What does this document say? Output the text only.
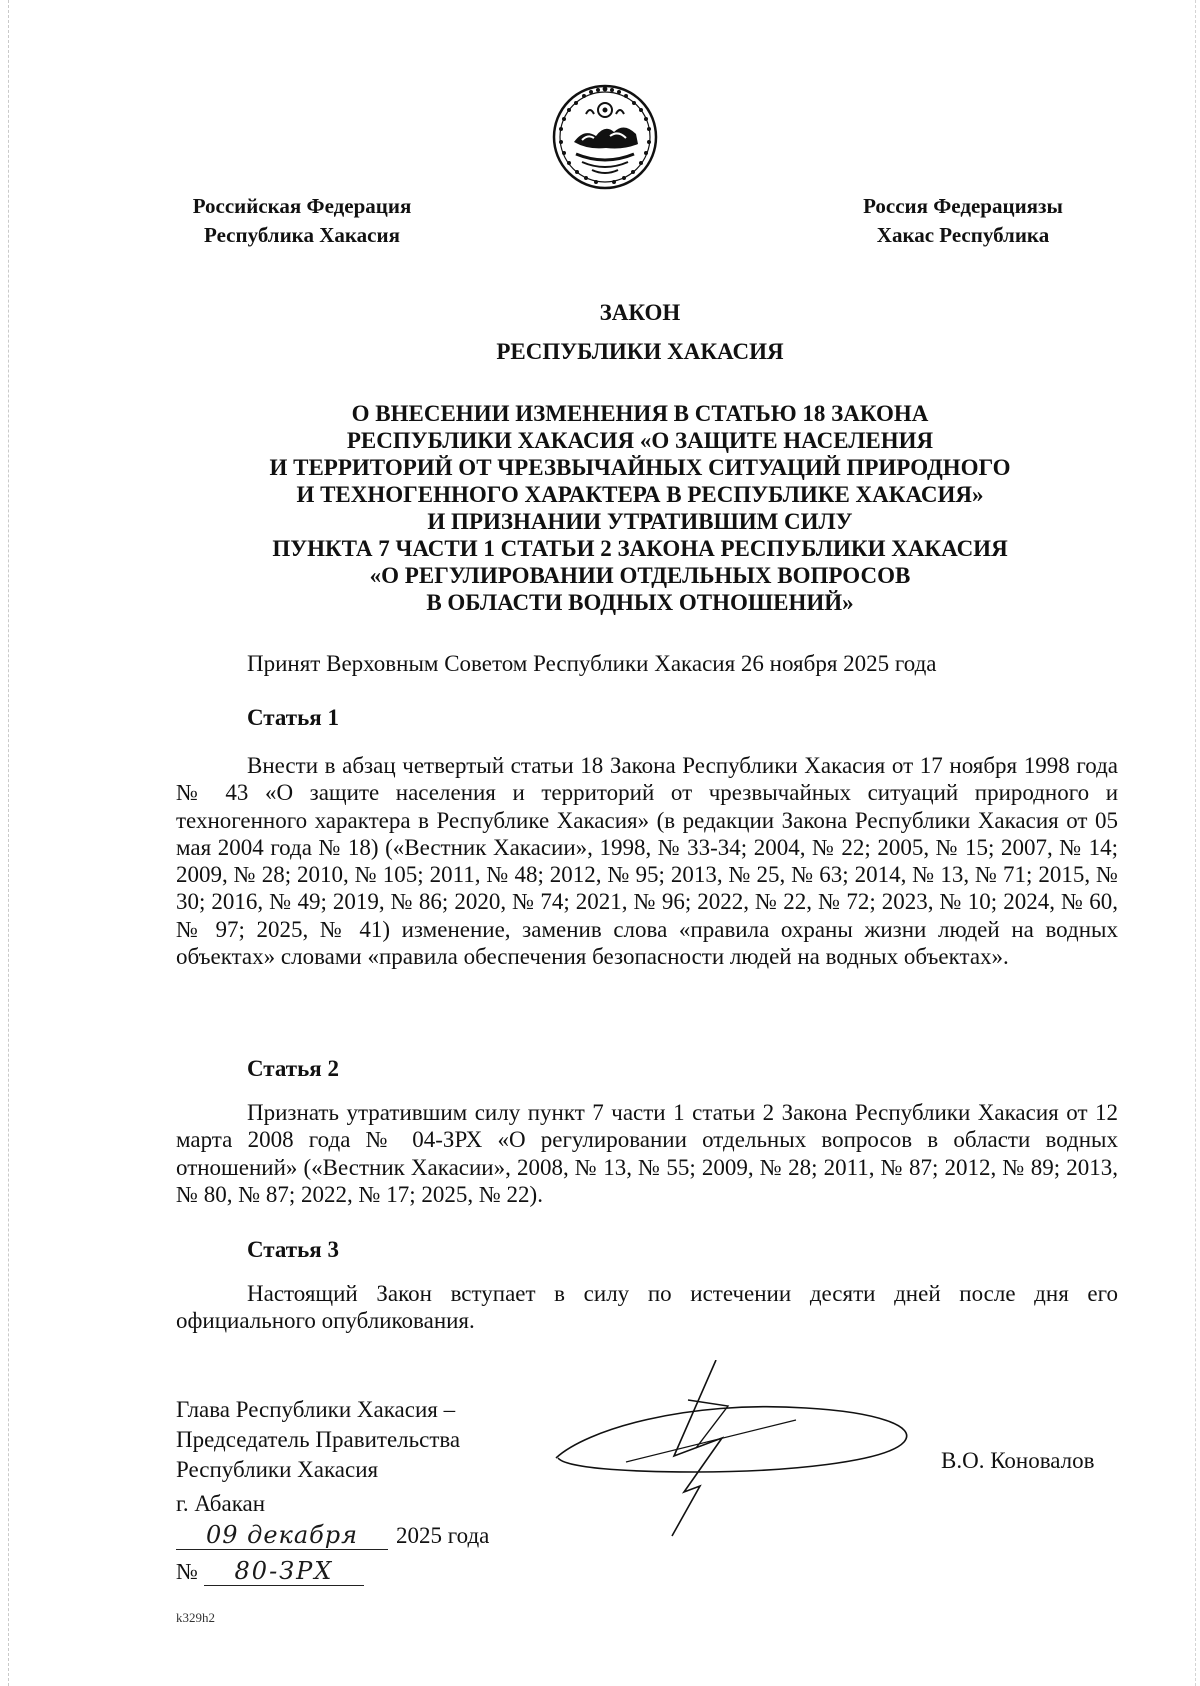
Российская Федерация
Республика Хакасия
Россия Федерациязы
Хакас Республика
ЗАКОН
РЕСПУБЛИКИ ХАКАСИЯ
О ВНЕСЕНИИ ИЗМЕНЕНИЯ В СТАТЬЮ 18 ЗАКОНА
РЕСПУБЛИКИ ХАКАСИЯ «О ЗАЩИТЕ НАСЕЛЕНИЯ
И ТЕРРИТОРИЙ ОТ ЧРЕЗВЫЧАЙНЫХ СИТУАЦИЙ ПРИРОДНОГО
И ТЕХНОГЕННОГО ХАРАКТЕРА В РЕСПУБЛИКЕ ХАКАСИЯ»
И ПРИЗНАНИИ УТРАТИВШИМ СИЛУ
ПУНКТА 7 ЧАСТИ 1 СТАТЬИ 2 ЗАКОНА РЕСПУБЛИКИ ХАКАСИЯ
«О РЕГУЛИРОВАНИИ ОТДЕЛЬНЫХ ВОПРОСОВ
В ОБЛАСТИ ВОДНЫХ ОТНОШЕНИЙ»
Принят Верховным Советом Республики Хакасия 26 ноября 2025 года
Статья 1

Внести в абзац четвертый статьи 18 Закона Республики Хакасия от 17 ноября 1998 года № 43 «О защите населения и территорий от чрезвычайных ситуаций природного и техногенного характера в Республике Хакасия» (в редакции Закона Республики Хакасия от 05 мая 2004 года № 18) («Вестник Хакасии», 1998, № 33-34; 2004, № 22; 2005, № 15; 2007, № 14; 2009, № 28; 2010, № 105; 2011, № 48; 2012, № 95; 2013, № 25, № 63; 2014, № 13, № 71; 2015, № 30; 2016, № 49; 2019, № 86; 2020, № 74; 2021, № 96; 2022, № 22, № 72; 2023, № 10; 2024, № 60, № 97; 2025, № 41) изменение, заменив слова «правила охраны жизни людей на водных объектах» словами «правила обеспечения безопасности людей на водных объектах».

Статья 2

Признать утратившим силу пункт 7 части 1 статьи 2 Закона Республики Хакасия от 12 марта 2008 года № 04-ЗРХ «О регулировании отдельных вопросов в области водных отношений» («Вестник Хакасии», 2008, № 13, № 55; 2009, № 28; 2011, № 87; 2012, № 89; 2013, № 80, № 87; 2022, № 17; 2025, № 22).

Статья 3

Настоящий Закон вступает в силу по истечении десяти дней после дня его официального опубликования.

Глава Республики Хакасия –
Председатель Правительства
Республики Хакасия	В.О. Коновалов
г. Абакан
09 декабря 2025 года
№ 80-ЗРХ
k329h2
